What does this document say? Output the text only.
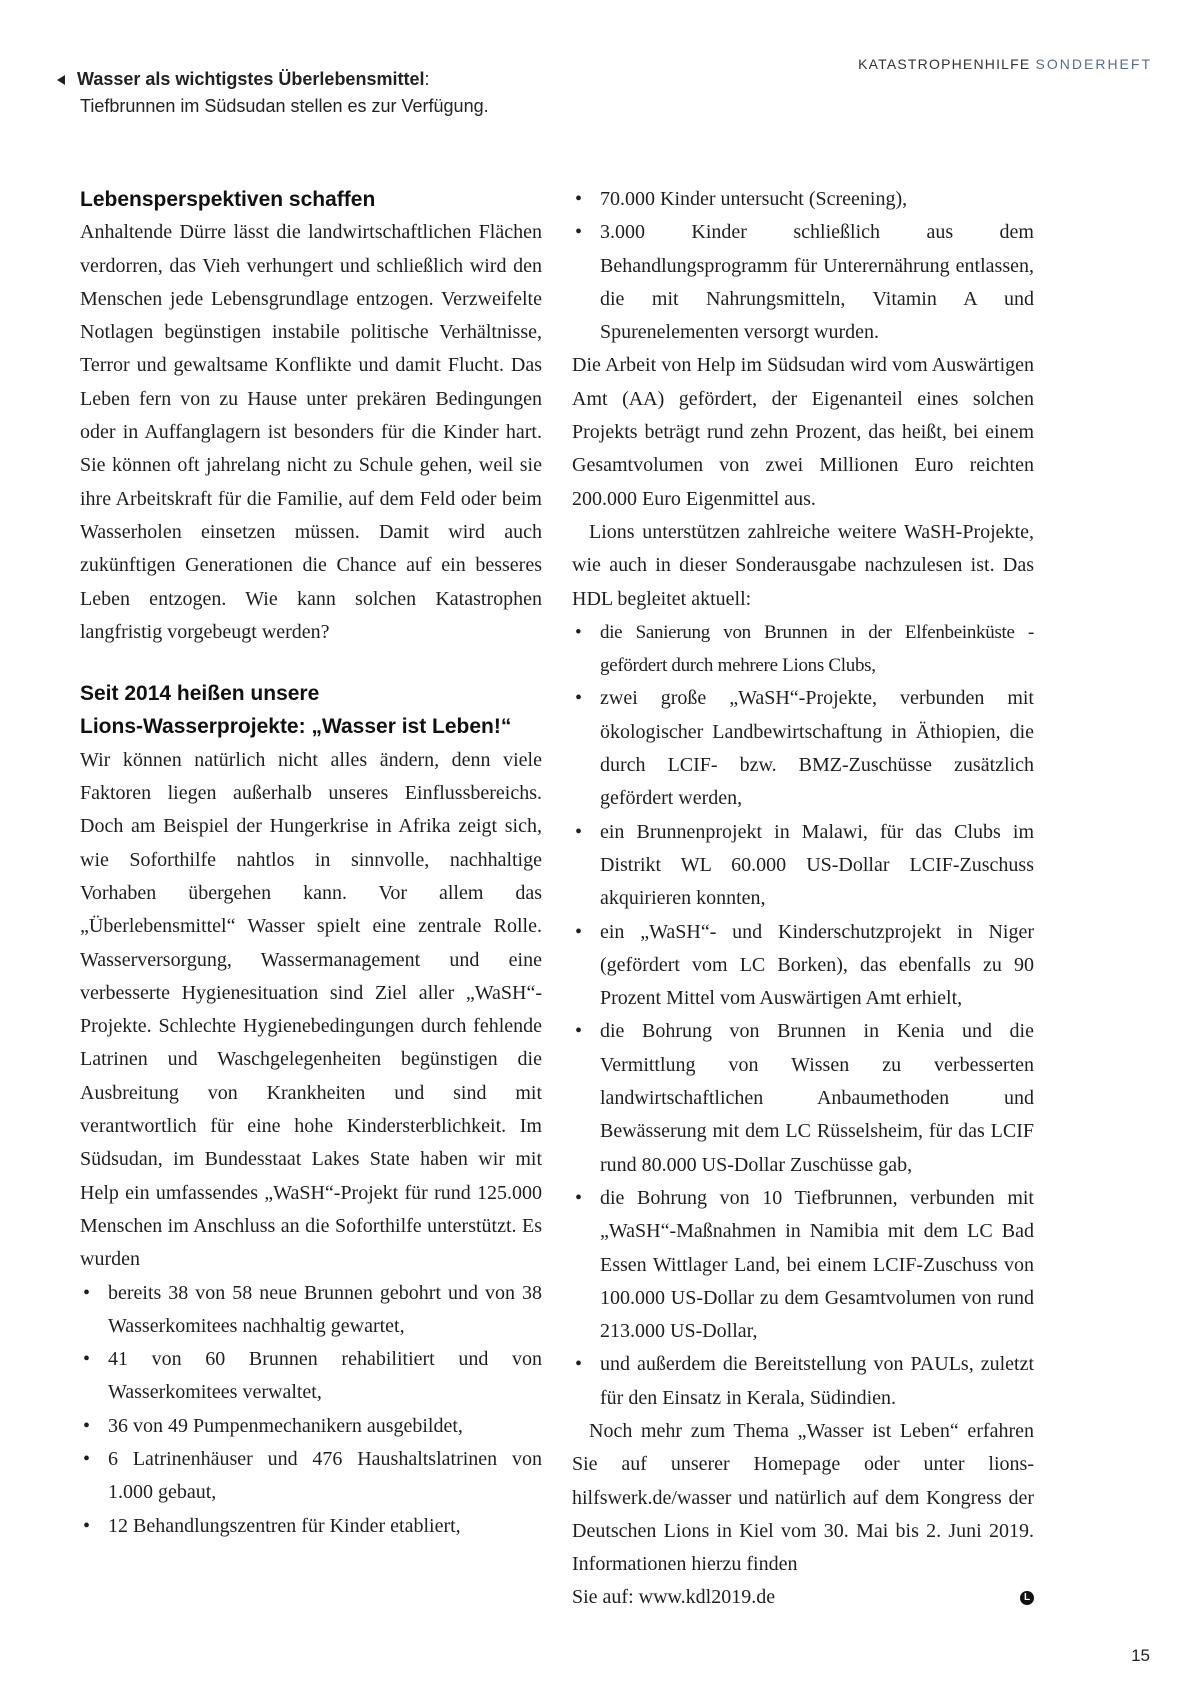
Wasser als wichtigstes Überlebensmittel :
Tiefbrunnen im Südsudan stellen es zur Verfügung.
KATASTROPHENHILFE SONDERHEFT
Lebensperspektiven schaffen

Anhaltende Dürre lässt die landwirtschaftlichen Flächen verdorren, das Vieh verhungert und schließlich wird den Menschen jede Lebensgrundlage entzogen. Verzweifelte Notlagen begünstigen instabile politische Verhältnisse, Terror und gewaltsame Konflikte und damit Flucht. Das Leben fern von zu Hause unter prekären Bedingungen oder in Auffanglagern ist besonders für die Kinder hart. Sie können oft jahrelang nicht zu Schule gehen, weil sie ihre Arbeitskraft für die Familie, auf dem Feld oder beim Wasserholen einsetzen müssen. Damit wird auch zukünftigen Generationen die Chance auf ein besseres Leben entzogen. Wie kann solchen Katastrophen langfristig vorgebeugt werden?

Seit 2014 heißen unsere
Lions-Wasserprojekte: „Wasser ist Leben!“

Wir können natürlich nicht alles ändern, denn viele Faktoren liegen außerhalb unseres Einflussbereichs. Doch am Beispiel der Hungerkrise in Afrika zeigt sich, wie Soforthilfe nahtlos in sinnvolle, nachhaltige Vorhaben übergehen kann. Vor allem das „Überlebensmittel“ Wasser spielt eine zentrale Rolle. Wasserversorgung, Wassermanagement und eine verbesserte Hygienesituation sind Ziel aller „WaSH“-Projekte. Schlechte Hygienebedingungen durch fehlende Latrinen und Waschgelegenheiten begünstigen die Ausbreitung von Krankheiten und sind mit verantwortlich für eine hohe Kindersterblichkeit. Im Südsudan, im Bundesstaat Lakes State haben wir mit Help ein umfassendes „WaSH“-Projekt für rund 125.000 Menschen im Anschluss an die Soforthilfe unterstützt. Es wurden

• bereits 38 von 58 neue Brunnen gebohrt und von 38 Wasserkomitees nachhaltig gewartet,
• 41 von 60 Brunnen rehabilitiert und von Wasserkomitees verwaltet,
• 36 von 49 Pumpenmechanikern ausgebildet,
• 6 Latrinenhäuser und 476 Haushaltslatrinen von 1.000 gebaut,
• 12 Behandlungszentren für Kinder etabliert,
• 70.000 Kinder untersucht (Screening),
• 3.000 Kinder schließlich aus dem Behandlungsprogramm für Unterernährung entlassen, die mit Nahrungsmitteln, Vitamin A und Spurenelementen versorgt wurden.

Die Arbeit von Help im Südsudan wird vom Auswärtigen Amt (AA) gefördert, der Eigenanteil eines solchen Projekts beträgt rund zehn Prozent, das heißt, bei einem Gesamtvolumen von zwei Millionen Euro reichten 200.000 Euro Eigenmittel aus.

Lions unterstützen zahlreiche weitere WaSH-Projekte, wie auch in dieser Sonderausgabe nachzulesen ist. Das HDL begleitet aktuell:

• die Sanierung von Brunnen in der Elfenbeinküste - gefördert durch mehrere Lions Clubs,
• zwei große „WaSH“-Projekte, verbunden mit ökologischer Landbewirtschaftung in Äthiopien, die durch LCIF- bzw. BMZ-Zuschüsse zusätzlich gefördert werden,
• ein Brunnenprojekt in Malawi, für das Clubs im Distrikt WL 60.000 US-Dollar LCIF-Zuschuss akquirieren konnten,
• ein „WaSH“- und Kinderschutzprojekt in Niger (gefördert vom LC Borken), das ebenfalls zu 90 Prozent Mittel vom Auswärtigen Amt erhielt,
• die Bohrung von Brunnen in Kenia und die Vermittlung von Wissen zu verbesserten landwirtschaftlichen Anbaumethoden und Bewässerung mit dem LC Rüsselsheim, für das LCIF rund 80.000 US-Dollar Zuschüsse gab,
• die Bohrung von 10 Tiefbrunnen, verbunden mit „WaSH“-Maßnahmen in Namibia mit dem LC Bad Essen Wittlager Land, bei einem LCIF-Zuschuss von 100.000 US-Dollar zu dem Gesamtvolumen von rund 213.000 US-Dollar,
• und außerdem die Bereitstellung von PAULs, zuletzt für den Einsatz in Kerala, Südindien.

Noch mehr zum Thema „Wasser ist Leben“ erfahren Sie auf unserer Homepage oder unter lions-hilfswerk.de/wasser und natürlich auf dem Kongress der Deutschen Lions in Kiel vom 30. Mai bis 2. Juni 2019. Informationen hierzu finden

Sie auf: www.kdl2019.de	L
15
